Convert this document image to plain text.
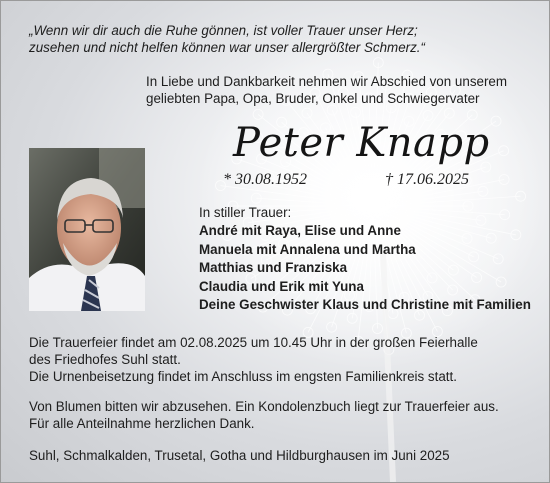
„Wenn wir dir auch die Ruhe gönnen, ist voller Trauer unser Herz;
zusehen und nicht helfen können war unser allergrößter Schmerz.“
In Liebe und Dankbarkeit nehmen wir Abschied von unserem
geliebten Papa, Opa, Bruder, Onkel und Schwiegervater
Peter Knapp
* 30.08.1952	† 17.06.2025
In stiller Trauer:
André mit Raya, Elise und Anne
Manuela mit Annalena und Martha
Matthias und Franziska
Claudia und Erik mit Yuna
Deine Geschwister Klaus und Christine mit Familien
Die Trauerfeier findet am 02.08.2025 um 10.45 Uhr in der großen Feierhalle
des Friedhofes Suhl statt.
Die Urnenbeisetzung findet im Anschluss im engsten Familienkreis statt.
Von Blumen bitten wir abzusehen. Ein Kondolenzbuch liegt zur Trauerfeier aus.
Für alle Anteilnahme herzlichen Dank.
Suhl, Schmalkalden, Trusetal, Gotha und Hildburghausen im Juni 2025
